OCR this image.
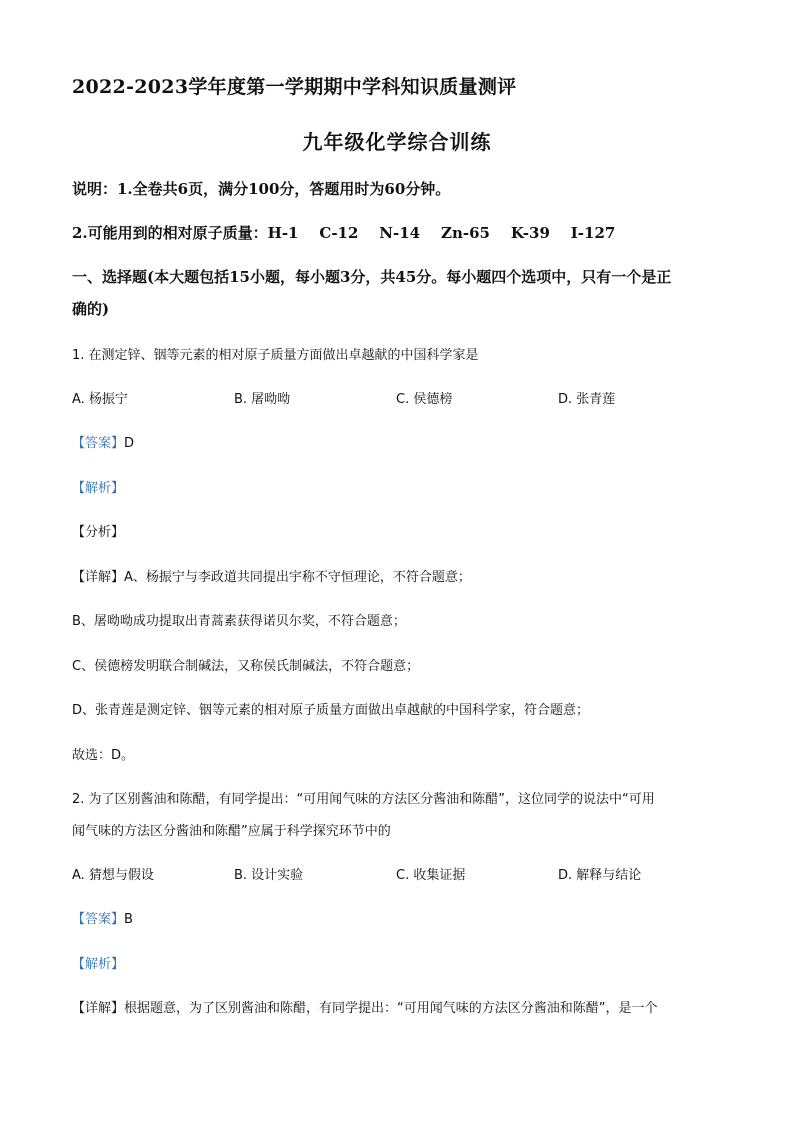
2022-2023学年度第一学期期中学科知识质量测评
九年级化学综合训练
说明：1.全卷共6页，满分100分，答题用时为60分钟。
2.可能用到的相对原子质量：H-1    C-12    N-14    Zn-65    K-39    I-127
一、选择题(本大题包括15小题，每小题3分，共45分。每小题四个选项中，只有一个是正
确的)
1. 在测定锌、铟等元素的相对原子质量方面做出卓越献的中国科学家是
A. 杨振宁	B. 屠呦呦	C. 侯德榜	D. 张青莲
【答案】D
【解析】
【分析】
【详解】A、杨振宁与李政道共同提出宇称不守恒理论，不符合题意；
B、屠呦呦成功提取出青蒿素获得诺贝尔奖，不符合题意；
C、侯德榜发明联合制碱法，又称侯氏制碱法，不符合题意；
D、张青莲是测定锌、铟等元素的相对原子质量方面做出卓越献的中国科学家，符合题意；
故选：D。
2. 为了区别酱油和陈醋，有同学提出：“可用闻气味的方法区分酱油和陈醋”，这位同学的说法中“可用
闻气味的方法区分酱油和陈醋”应属于科学探究环节中的
A. 猜想与假设	B. 设计实验	C. 收集证据	D. 解释与结论
【答案】B
【解析】
【详解】根据题意，为了区别酱油和陈醋，有同学提出：“可用闻气味的方法区分酱油和陈醋”，是一个
